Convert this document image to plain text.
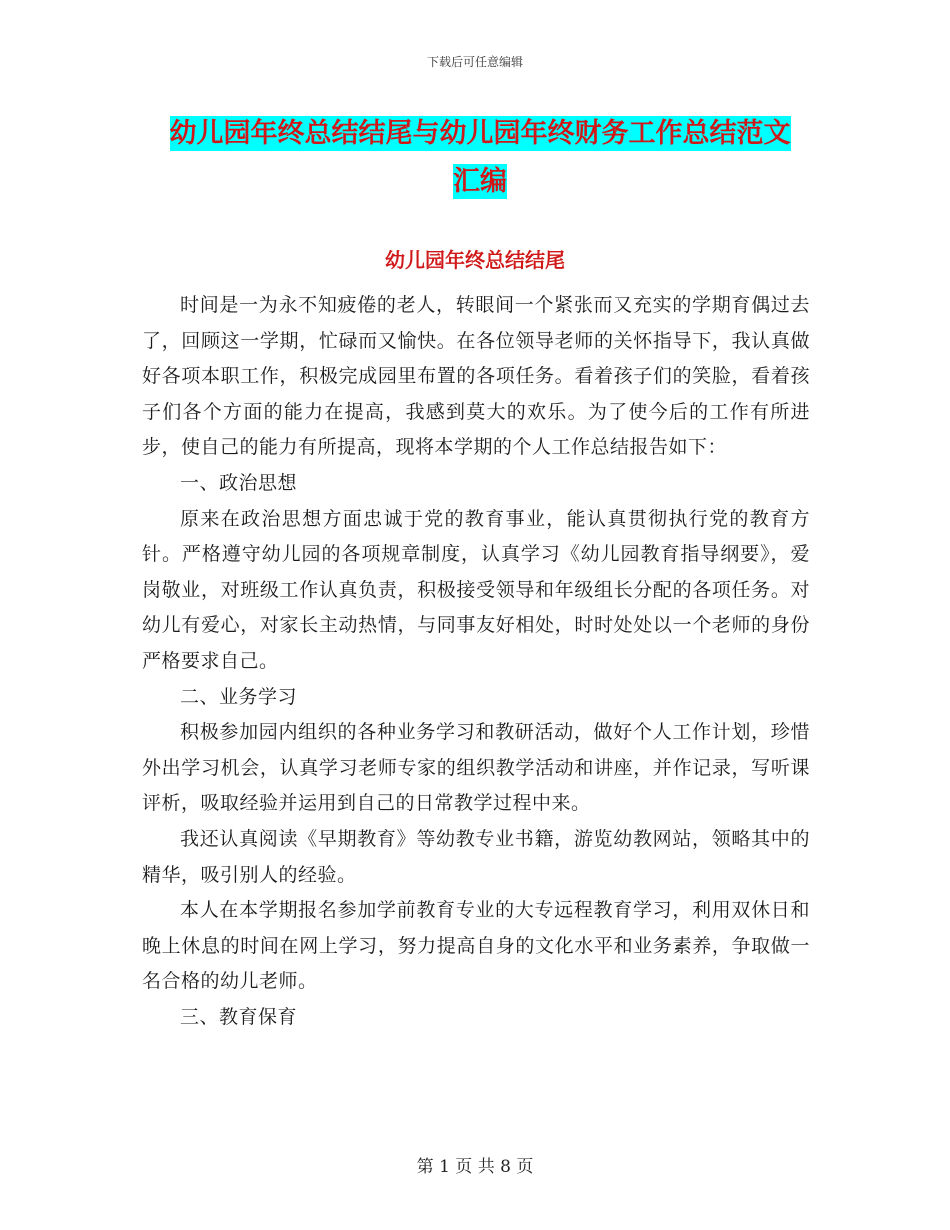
下载后可任意编辑
幼儿园年终总结结尾与幼儿园年终财务工作总结范文
汇编
幼儿园年终总结结尾

时间是一为永不知疲倦的老人，转眼间一个紧张而又充实的学期育偶过去了，回顾这一学期，忙碌而又愉快。在各位领导老师的关怀指导下，我认真做好各项本职工作，积极完成园里布置的各项任务。看着孩子们的笑脸，看着孩子们各个方面的能力在提高，我感到莫大的欢乐。为了使今后的工作有所进步，使自己的能力有所提高，现将本学期的个人工作总结报告如下：

一、政治思想

原来在政治思想方面忠诚于党的教育事业，能认真贯彻执行党的教育方针。严格遵守幼儿园的各项规章制度，认真学习《幼儿园教育指导纲要》，爱岗敬业，对班级工作认真负责，积极接受领导和年级组长分配的各项任务。对幼儿有爱心，对家长主动热情，与同事友好相处，时时处处以一个老师的身份严格要求自己。

二、业务学习

积极参加园内组织的各种业务学习和教研活动，做好个人工作计划，珍惜外出学习机会，认真学习老师专家的组织教学活动和讲座，并作记录，写听课评析，吸取经验并运用到自己的日常教学过程中来。

我还认真阅读《早期教育》等幼教专业书籍，游览幼教网站，领略其中的精华，吸引别人的经验。

本人在本学期报名参加学前教育专业的大专远程教育学习，利用双休日和晚上休息的时间在网上学习，努力提高自身的文化水平和业务素养，争取做一名合格的幼儿老师。

三、教育保育

第 1 页 共 8 页
